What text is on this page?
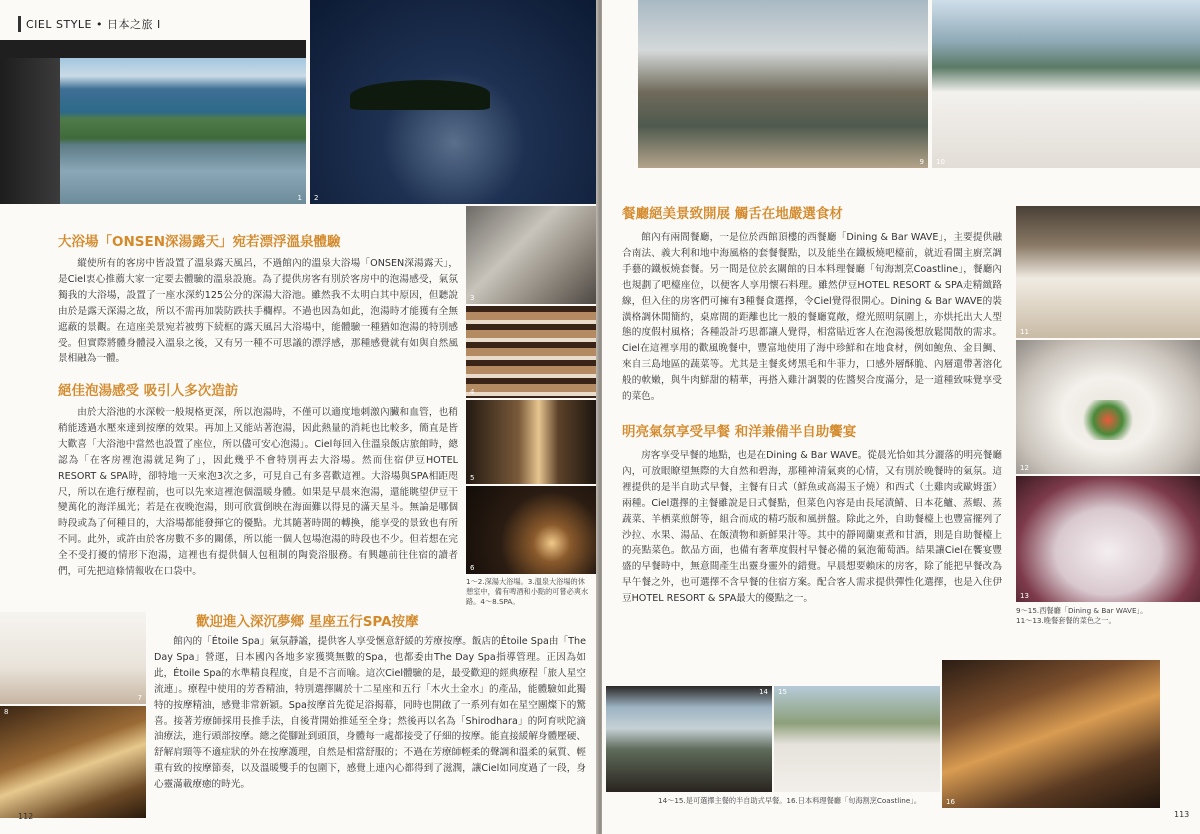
CIEL STYLE • 日本之旅 I
1 2
3
4
5
6
7
8
大浴場「ONSEN深湯露天」宛若漂浮溫泉體驗

縱使所有的客房中皆設置了溫泉露天風呂，不過館內的溫泉大浴場「ONSEN深湯露天」，是Ciel衷心推薦大家一定要去體驗的溫泉設施。為了提供房客有別於客房中的泡湯感受，氣氛獨我的大浴場，設置了一座水深約125公分的深湯大浴池。雖然我不太明白其中原因，但聽說由於是露天深湯之故，所以不需再加裝防跌扶手欄桿。不過也因為如此，泡湯時才能獲有全無遮蔽的景觀。在這座美景宛若被剪下続框的露天風呂大浴場中，能體驗一種猶如泡湯的特別感受。但實際將體身體浸入溫泉之後，又有另一種不可思議的漂浮感，那種感覺就有如與自然風景相融為一體。

絕佳泡湯感受 吸引人多次造訪

由於大浴池的水深較一般規格更深，所以泡湯時，不僅可以適度地刺激內臟和血管，也稍稍能透過水壓來達到按摩的效果。再加上又能站著泡湯，因此熱量的消耗也比較多，簡直是皆大歡喜「大浴池中當然也設置了座位，所以儘可安心泡湯」。Ciel每回入住溫泉飯店旅館時，總認為「在客房裡泡湯就足夠了」，因此幾乎不會特別再去大浴場。然而住宿伊豆HOTEL RESORT & SPA時，卻特地一天來泡3次之多，可見自己有多喜歡這裡。大浴場與SPA相距咫尺，所以在進行療程前，也可以先來這裡泡個溫暖身體。如果是早晨來泡湯，還能眺望伊豆干變萬化的海洋風光；若是在夜晚泡湯，則可欣賞倒映在海面難以得見的滿天星斗。無論是哪個時段或為了何種目的，大浴場都能發揮它的優點。尤其隨著時間的轉換，能享受的景致也有所不同。此外，或許由於客房數不多的關係，所以能一個人包場泡湯的時段也不少。但若想在完全不受打擾的情形下泡湯，這裡也有提供個人包租制的陶瓷浴服務。有興趣前往住宿的讀者們，可先把這條情報收在口袋中。

1～2.深湯大浴場。3.溫泉大浴場的休憩室中，備有啤酒和小點的可嘗必爽水路。4～8.SPA。
歡迎進入深沉夢鄉 星座五行SPA按摩

館內的「Étoile Spa」氣氛靜謐，提供客人享受愜意舒緩的芳療按摩。飯店的Étoile Spa由「The Day Spa」營運，日本國內各地多家獲獎無數的Spa，也都委由The Day Spa指導管理。正因為如此，Étoile Spa的水準精良程度，自是不言而喻。這次Ciel體驗的是，最受歡迎的經典療程「旅人星空流連」。療程中使用的芳香精油，特別選擇關於十二星座和五行「木火土金水」的產品，能體驗如此獨特的按摩精油，感覺非常新穎。Spa按摩首先從足浴揭幕，同時也開啟了一系列有如在星空團燦下的驚喜。接著芳療師採用長推手法，自後背開始推延至全身；然後再以名為「Shirodhara」的阿育吠陀滴油療法，進行頭部按摩。總之從腳趾到頭頂，身體每一處都接受了仔細的按摩。能直接緩解身體壓硬、舒解肩頸等不適症狀的外在按摩護理，自然是相當舒服的；不過在芳療師輕柔的聲調和溫柔的氣質、輕重有致的按摩節奏，以及溫暖雙手的包圍下，感覺上連內心都得到了滋潤，讓Ciel如同度過了一段，身心靈滿載療癒的時光。

112
9 10
11
12
13
餐廳絕美景致開展 觸舌在地嚴選食材

館內有兩間餐廳，一是位於西館頂樓的西餐廳「Dining & Bar WAVE」，主要提供融合南法、義大利和地中海風格的套餐餐點，以及能坐在鐵板燒吧檯前，就近看閩主廚烹調手藝的鐵板燒套餐。另一間是位於玄關館的日本料理餐廳「旬海割烹Coastline」，餐廳內也規劃了吧檯座位，以便客人享用懷石料理。雖然伊豆HOTEL RESORT & SPA走精緻路線，但入住的房客們可擁有3種餐食選擇，令Ciel覺得很開心。Dining & Bar WAVE的裝潢格調休閒簡約，桌席間的距離也比一般的餐廳寬敞，燈光照明氛圍上，亦烘托出大人型態的度假村風格；各種設計巧思都讓人覺得，相當貼近客人在泡湯後想放鬆閒散的需求。Ciel在這裡享用的歡風晚餐中，豐富地使用了海中珍鮮和在地食材，例如鮑魚、金目鯛、來自三島地區的蔬菜等。尤其是主餐炙烤黑毛和牛菲力，口感外層酥脆、內層還帶著溶化般的軟嫩，與牛肉鮮甜的精華，再搭入雞汁調製的佐醬契合度滿分，是一道種致味覺享受的菜色。

明亮氣氛享受早餐 和洋兼備半自助饗宴

房客享受早餐的地點，也是在Dining & Bar WAVE。從晨光恰如其分灑落的明亮餐廳內，可放眼瞭望無際的大自然和碧海，那種神清氣爽的心情，又有別於晚餐時的氣氛。這裡提供的是半自助式早餐，主餐有日式（鮮魚或高湯玉子燒）和西式（土雞肉或歐姆蛋）兩種。Ciel選擇的主餐雖說是日式餐點，但菜色內容是由長尾漬鯖、日本花鱸、蒸蝦、蒸蔬菜、羊栖菜煎餅等，組合而成的精巧版和風拼盤。除此之外，自助餐檯上也豐富擺列了沙拉、水果、湯品、在飯漬物和新鮮果汁等。其中的靜岡蘭東煮和甘酒，則是自助餐檯上的亮點菜色。飲品方面，也備有奢華度假村早餐必備的氣泡葡萄酒。結果讓Ciel在饗宴豐盛的早餐時中，無意間產生出靈身靈外的錯覺。早晨想要賴床的房客，除了能把早餐改為早午餐之外，也可選擇不含早餐的住宿方案。配合客人需求提供彈性化選擇，也是入住伊豆HOTEL RESORT & SPA最大的優點之一。

9～15.西餐廳「Dining & Bar WAVE」。
11～13.晚餐套餐的菜色之一。
14 15
16
14～15.是可選擇主餐的半自助式早餐。16.日本料理餐廳「旬海割烹Coastline」。
113
